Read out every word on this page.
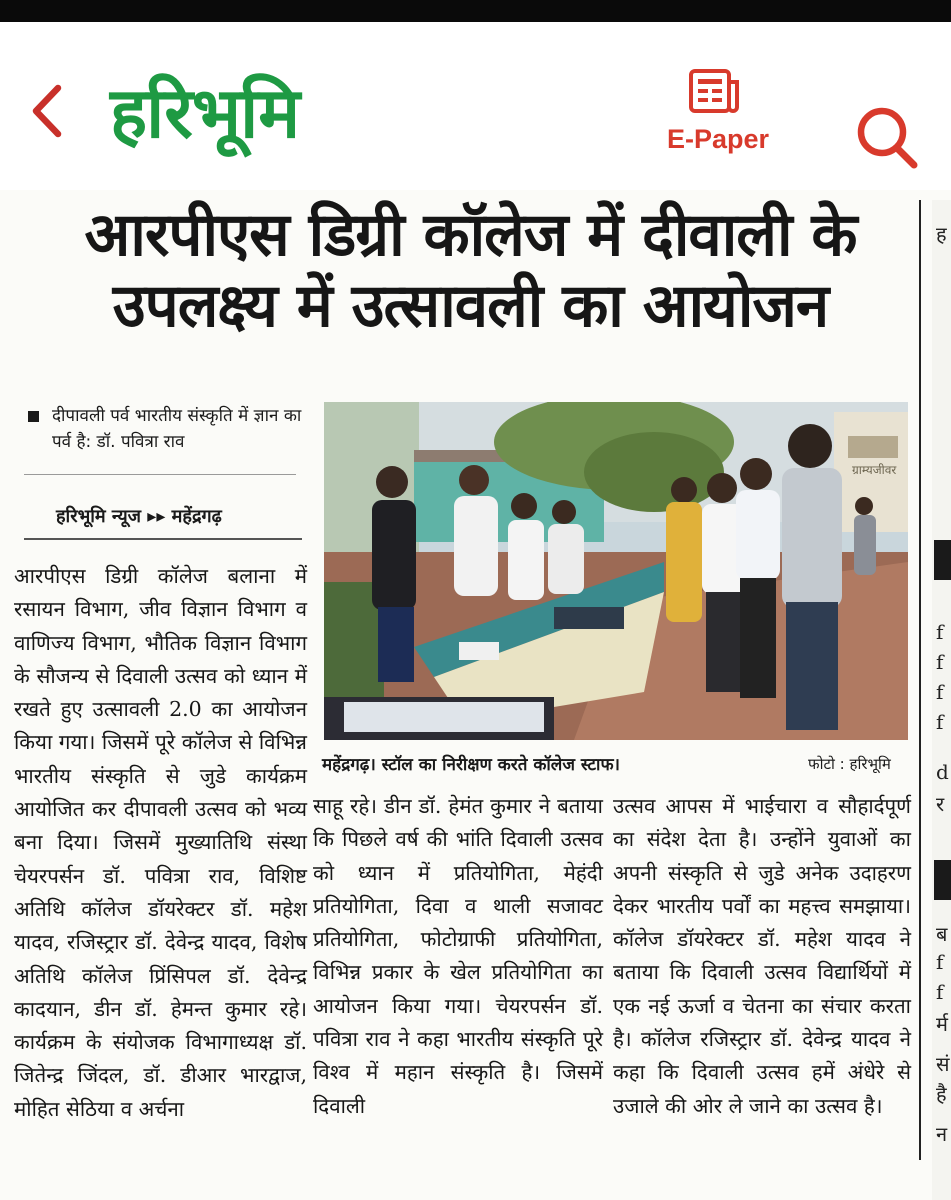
हरिभूमि	E-Paper
आरपीएस डिग्री कॉलेज में दीवाली के
उपलक्ष्य में उत्सावली का आयोजन
दीपावली पर्व भारतीय संस्कृति में ज्ञान का पर्व है: डॉ. पवित्रा राव
हरिभूमि न्यूज ▸▸ महेंद्रगढ़
आरपीएस डिग्री कॉलेज बलाना में रसायन विभाग, जीव विज्ञान विभाग व वाणिज्य विभाग, भौतिक विज्ञान विभाग के सौजन्य से दिवाली उत्सव को ध्यान में रखते हुए उत्सावली 2.0 का आयोजन किया गया। जिसमें पूरे कॉलेज से विभिन्न भारतीय संस्कृति से जुडे कार्यक्रम आयोजित कर दीपावली उत्सव को भव्य बना दिया। जिसमें मुख्यातिथि संस्था चेयरपर्सन डॉ. पवित्रा राव, विशिष्ट अतिथि कॉलेज डॉयरेक्टर डॉ. महेश यादव, रजिस्ट्रार डॉ. देवेन्द्र यादव, विशेष अतिथि कॉलेज प्रिंसिपल डॉ. देवेन्द्र कादयान, डीन डॉ. हेमन्त कुमार रहे। कार्यक्रम के संयोजक विभागाध्यक्ष डॉ. जितेन्द्र जिंदल, डॉ. डीआर भारद्वाज, मोहित सेठिया व अर्चना
ग्राम्यजीवर
महेंद्रगढ़। स्टॉल का निरीक्षण करते कॉलेज स्टाफ।	फोटो : हरिभूमि
साहू रहे। डीन डॉ. हेमंत कुमार ने बताया कि पिछले वर्ष की भांति दिवाली उत्सव को ध्यान में प्रतियोगिता, मेहंदी प्रतियोगिता, दिवा व थाली सजावट प्रतियोगिता, फोटोग्राफी प्रतियोगिता, विभिन्न प्रकार के खेल प्रतियोगिता का आयोजन किया गया। चेयरपर्सन डॉ. पवित्रा राव ने कहा भारतीय संस्कृति पूरे विश्व में महान संस्कृति है। जिसमें दिवाली
उत्सव आपस में भाईचारा व सौहार्दपूर्ण का संदेश देता है। उन्होंने युवाओं का अपनी संस्कृति से जुडे अनेक उदाहरण देकर भारतीय पर्वों का महत्त्व समझाया। कॉलेज डॉयरेक्टर डॉ. महेश यादव ने बताया कि दिवाली उत्सव विद्यार्थियों में एक नई ऊर्जा व चेतना का संचार करता है। कॉलेज रजिस्ट्रार डॉ. देवेन्द्र यादव ने कहा कि दिवाली उत्सव हमें अंधेरे से उजाले की ओर ले जाने का उत्सव है।
ह
f
f
f
f
d
र
ब
f
f
र्म
सं
है
न
